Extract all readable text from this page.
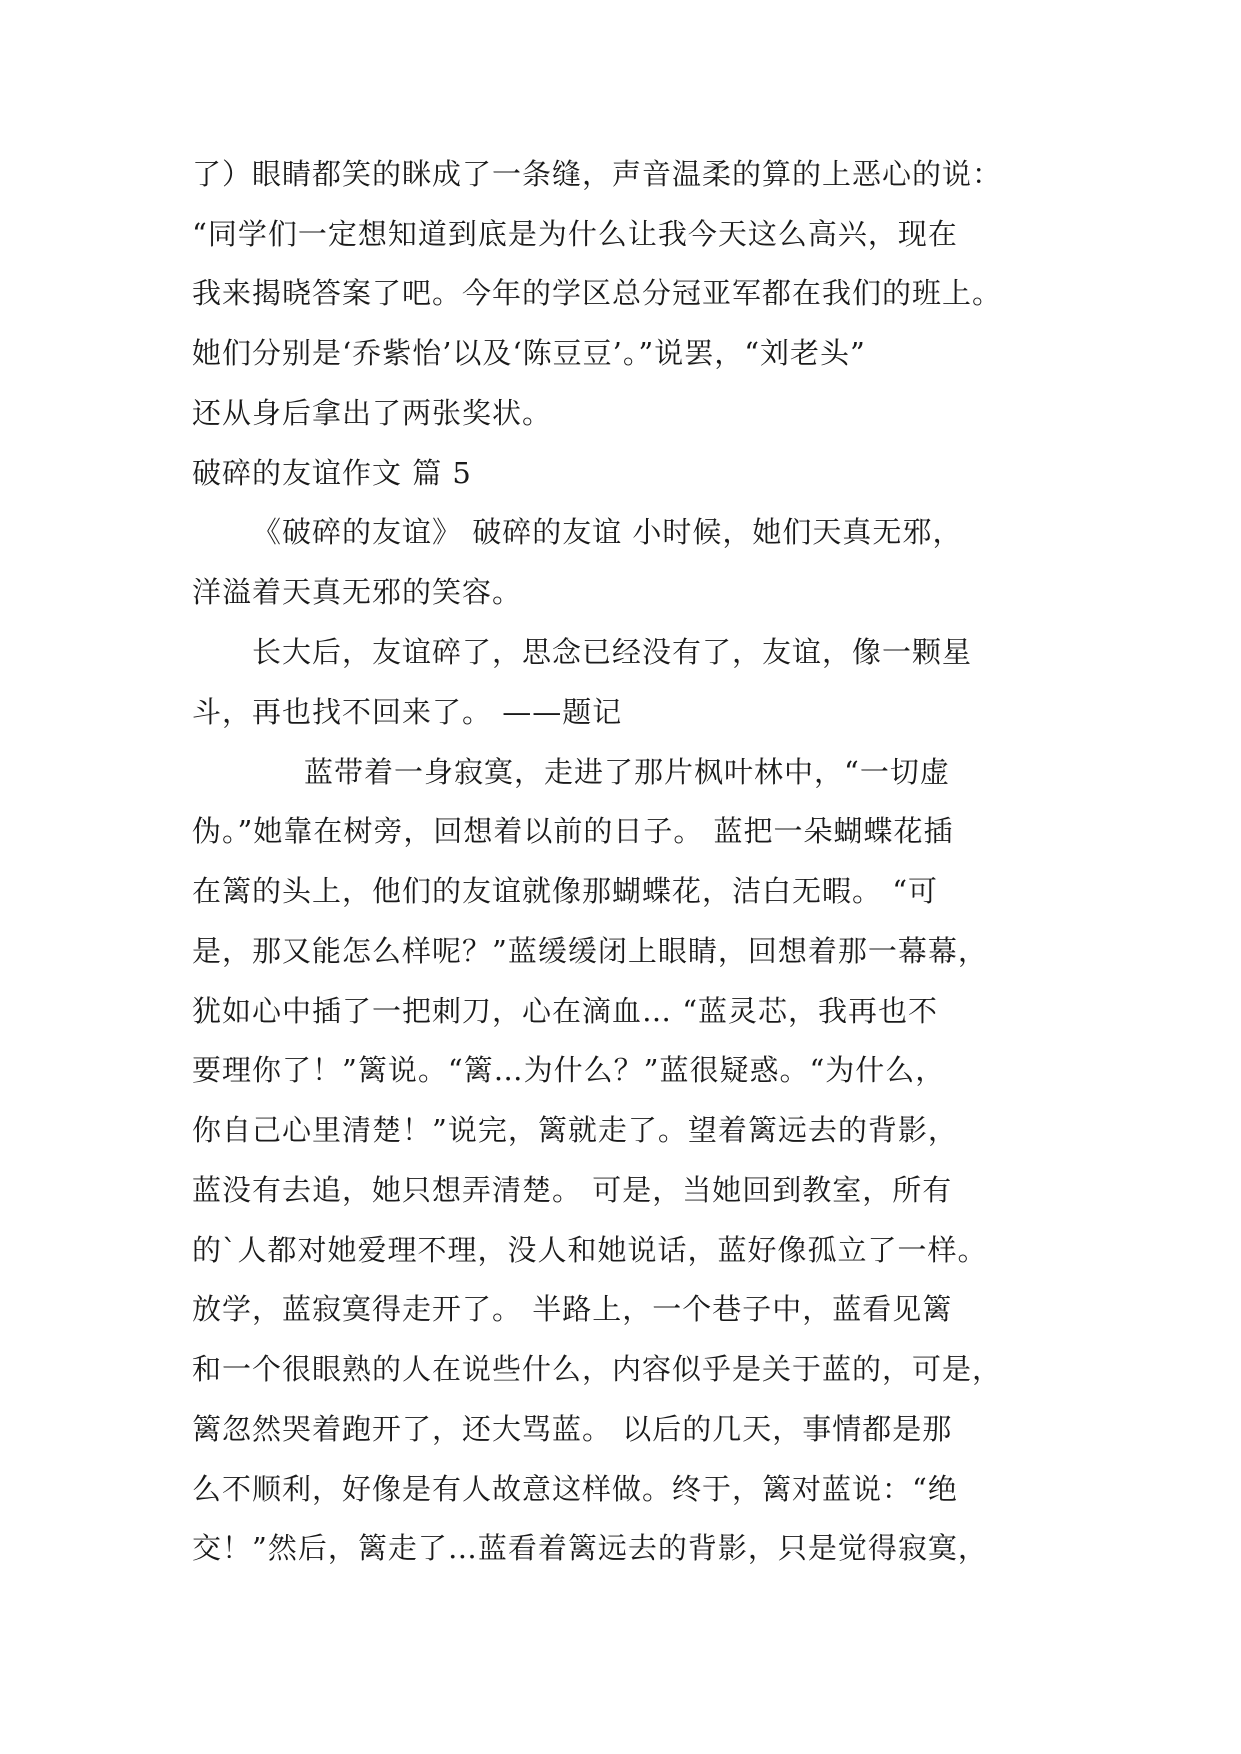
了）眼睛都笑的眯成了一条缝，声音温柔的算的上恶心的说：
“同学们一定想知道到底是为什么让我今天这么高兴，现在
我来揭晓答案了吧。今年的学区总分冠亚军都在我们的班上。
她们分别是‘乔紫怡’以及‘陈豆豆’。”说罢，“刘老头”
还从身后拿出了两张奖状。
破碎的友谊作文 篇 5
《破碎的友谊》 破碎的友谊 小时候，她们天真无邪，
洋溢着天真无邪的笑容。
长大后，友谊碎了，思念已经没有了，友谊，像一颗星
斗，再也找不回来了。 ——题记
蓝带着一身寂寞，走进了那片枫叶林中，“一切虚
伪。”她靠在树旁，回想着以前的日子。 蓝把一朵蝴蝶花插
在篱的头上，他们的友谊就像那蝴蝶花，洁白无暇。 “可
是，那又能怎么样呢？”蓝缓缓闭上眼睛，回想着那一幕幕，
犹如心中插了一把刺刀，心在滴血… “蓝灵芯，我再也不
要理你了！”篱说。“篱…为什么？”蓝很疑惑。“为什么，
你自己心里清楚！”说完，篱就走了。望着篱远去的背影，
蓝没有去追，她只想弄清楚。 可是，当她回到教室，所有
的`人都对她爱理不理，没人和她说话，蓝好像孤立了一样。
放学，蓝寂寞得走开了。 半路上，一个巷子中，蓝看见篱
和一个很眼熟的人在说些什么，内容似乎是关于蓝的，可是，
篱忽然哭着跑开了，还大骂蓝。 以后的几天，事情都是那
么不顺利，好像是有人故意这样做。终于，篱对蓝说：“绝
交！”然后，篱走了…蓝看着篱远去的背影，只是觉得寂寞，
